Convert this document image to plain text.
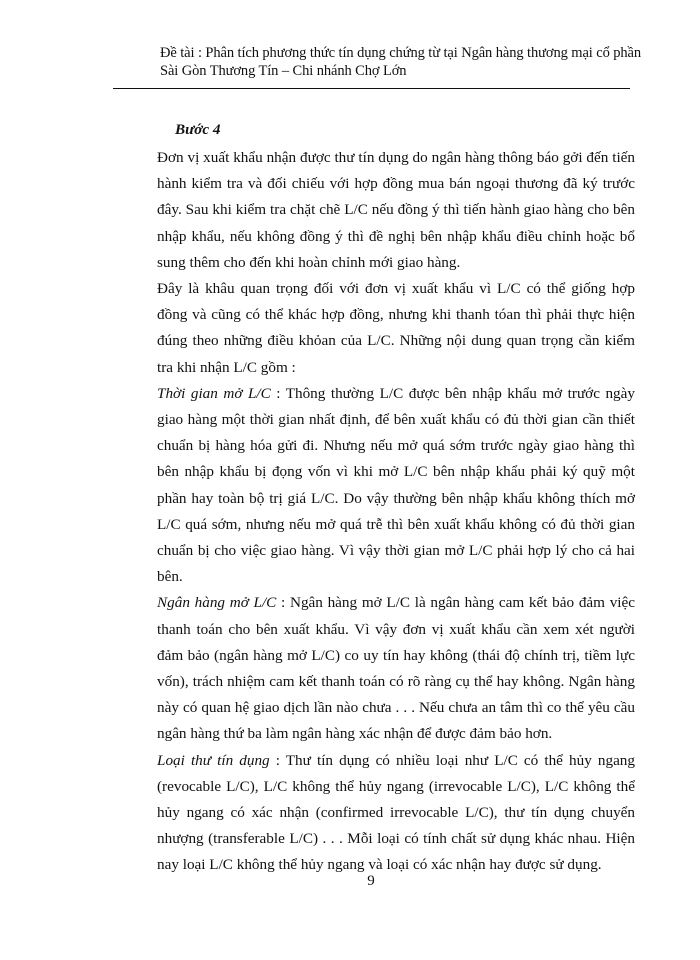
Đề tài : Phân tích phương thức tín dụng chứng từ tại Ngân hàng thương mại cổ phần
Sài Gòn Thương Tín – Chi nhánh Chợ Lớn
Bước 4

Đơn vị xuất khẩu nhận được thư tín dụng do ngân hàng thông báo gởi đến tiến hành kiểm tra và đối chiếu với hợp đồng mua bán ngoại thương đã ký trước đây. Sau khi kiểm tra chặt chẽ L/C nếu đồng ý thì tiến hành giao hàng cho bên nhập khẩu, nếu không đồng ý thì đề nghị bên nhập khẩu điều chỉnh hoặc bổ sung thêm cho đến khi hoàn chỉnh mới giao hàng.

Đây là khâu quan trọng đối với đơn vị xuất khẩu vì L/C có thể giống hợp đồng và cũng có thể khác hợp đồng, nhưng khi thanh tóan thì phải thực hiện đúng theo những điều khỏan của L/C. Những nội dung quan trọng cần kiểm tra khi nhận L/C gồm :

Thời gian mở L/C : Thông thường L/C được bên nhập khẩu mở trước ngày giao hàng một thời gian nhất định, để bên xuất khẩu có đủ thời gian cần thiết chuẩn bị hàng hóa gửi đi. Nhưng nếu mở quá sớm trước ngày giao hàng thì bên nhập khẩu bị đọng vốn vì khi mở L/C bên nhập khẩu phải ký quỹ một phần hay toàn bộ trị giá L/C. Do vậy thường bên nhập khẩu không thích mở L/C quá sớm, nhưng nếu mở quá trễ thì bên xuất khẩu không có đủ thời gian chuẩn bị cho việc giao hàng. Vì vậy thời gian mở L/C phải hợp lý cho cả hai bên.

Ngân hàng mở L/C : Ngân hàng mở L/C là ngân hàng cam kết bảo đảm việc thanh toán cho bên xuất khẩu. Vì vậy đơn vị xuất khẩu cần xem xét người đảm bảo (ngân hàng mở L/C) co uy tín hay không (thái độ chính trị, tiềm lực vốn), trách nhiệm cam kết thanh toán có rõ ràng cụ thể hay không. Ngân hàng này có quan hệ giao dịch lần nào chưa . . . Nếu chưa an tâm thì co thể yêu cầu ngân hàng thứ ba làm ngân hàng xác nhận để được đảm bảo hơn.

Loại thư tín dụng : Thư tín dụng có nhiều loại như L/C có thể hủy ngang (revocable L/C), L/C không thể hủy ngang (irrevocable L/C), L/C không thể hủy ngang có xác nhận (confirmed irrevocable L/C), thư tín dụng chuyển nhượng (transferable L/C) . . . Mỗi loại có tính chất sử dụng khác nhau. Hiện nay loại L/C không thể hủy ngang và loại có xác nhận hay được sử dụng.

9
